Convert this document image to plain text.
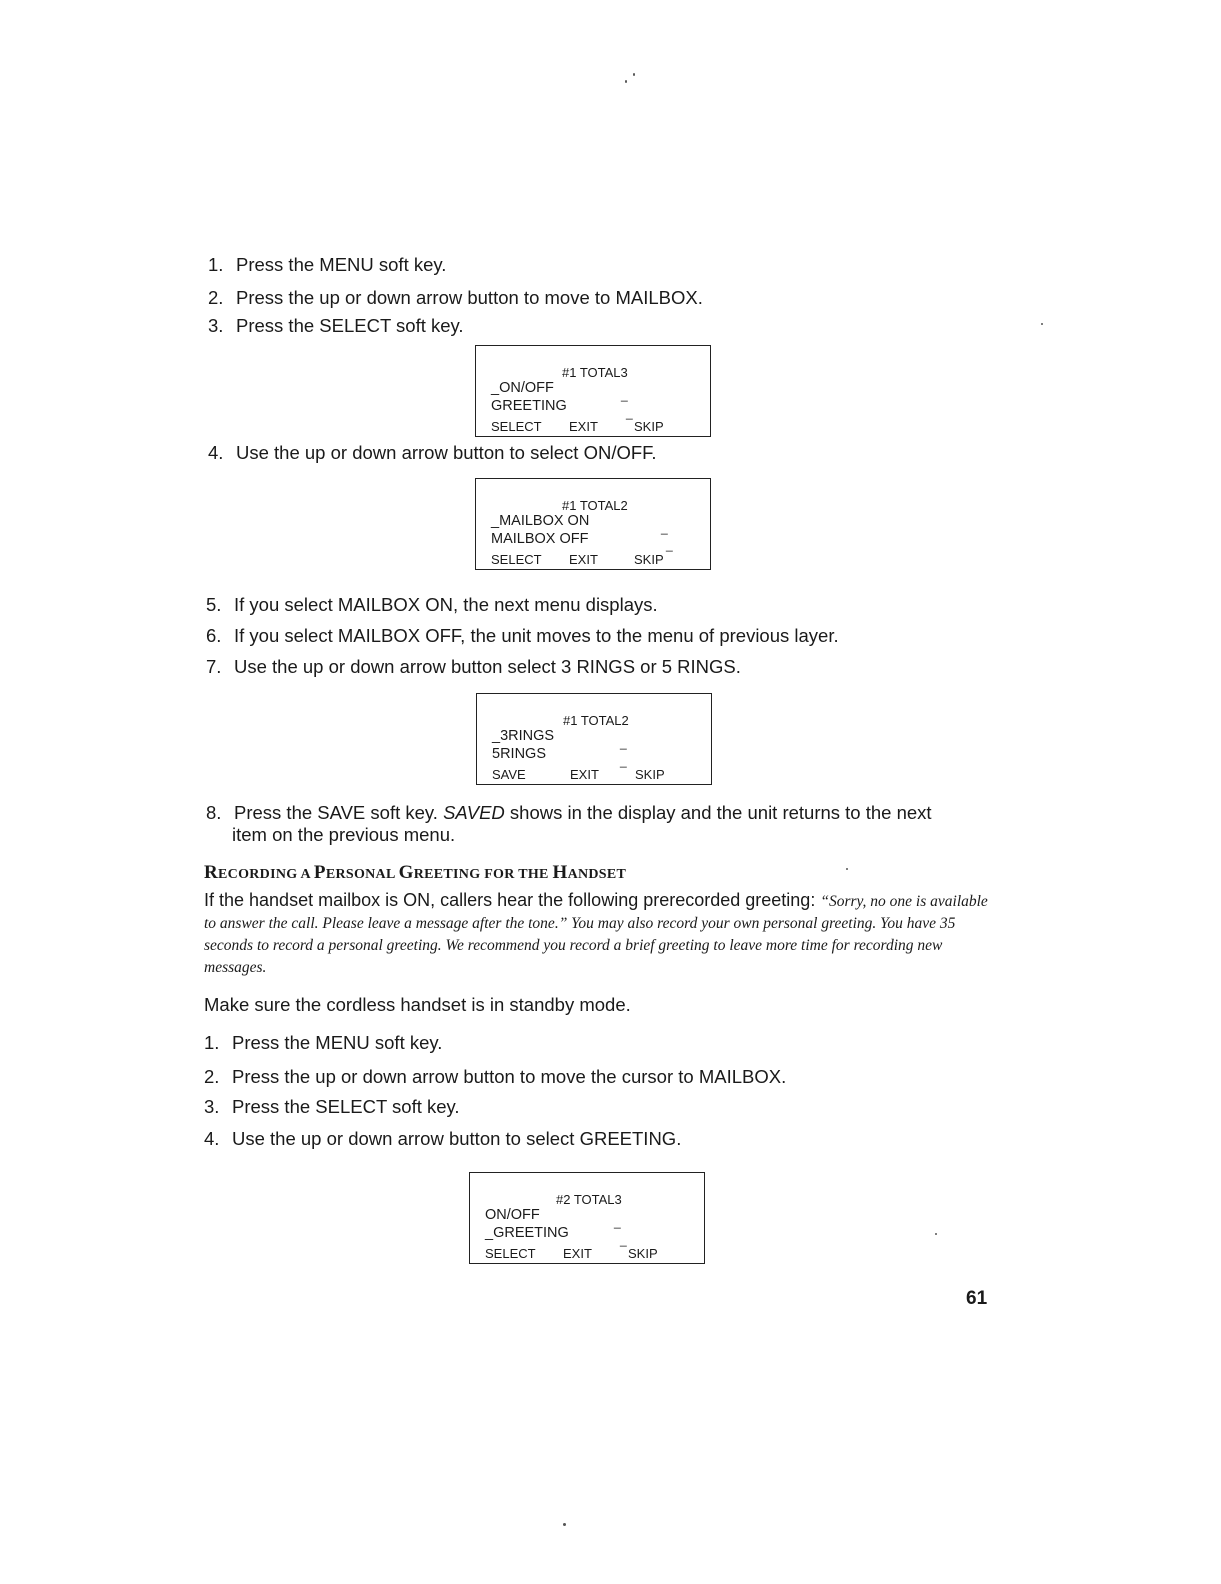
1. Press the MENU soft key.
2. Press the up or down arrow button to move to MAILBOX.
3. Press the SELECT soft key.
#1 TOTAL3
_ON/OFF
GREETING
_
_
SELECT EXIT	SKIP
4. Use the up or down arrow button to select ON/OFF.
#1 TOTAL2
_MAILBOX ON
MAILBOX OFF
_
_
SELECT EXIT	SKIP
5. If you select MAILBOX ON, the next menu displays.
6. If you select MAILBOX OFF, the unit moves to the menu of previous layer.
7. Use the up or down arrow button select 3 RINGS or 5 RINGS.
#1 TOTAL2
_3RINGS
5RINGS
_
_
SAVE	EXIT	SKIP
8. Press the SAVE soft key. SAVED shows in the display and the unit returns to the next
item on the previous menu.
RECORDING A PERSONAL GREETING FOR THE HANDSET
If the handset mailbox is ON, callers hear the following prerecorded greeting: “Sorry, no one is available to answer the call. Please leave a message after the tone.” You may also record your own personal greeting. You have 35 seconds to record a personal greeting. We recommend you record a brief greeting to leave more time for recording new messages.
Make sure the cordless handset is in standby mode.
1. Press the MENU soft key.
2. Press the up or down arrow button to move the cursor to MAILBOX.
3. Press the SELECT soft key.
4. Use the up or down arrow button to select GREETING.
#2 TOTAL3
ON/OFF
_GREETING
_
_
SELECT EXIT	SKIP
61
